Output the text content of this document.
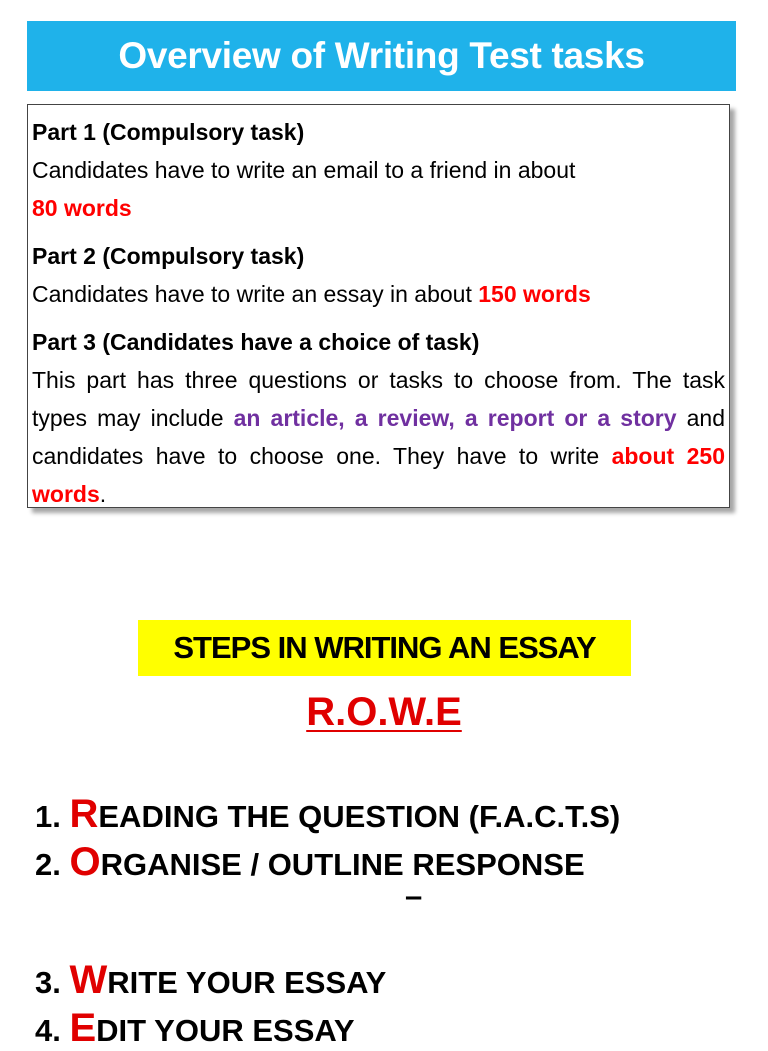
Overview of Writing Test tasks

Part 1 (Compulsory task)

Candidates have to write an email to a friend in about
80 words

Part 2 (Compulsory task)

Candidates have to write an essay in about 150 words

Part 3 (Candidates have a choice of task)

This part has three questions or tasks to choose from. The task types may include an article, a review, a report or a story and candidates have to choose one. They have to write about 250 words.

STEPS IN WRITING AN ESSAY
R.O.W.E
1. READING THE QUESTION (F.A.C.T.S)
2. ORGANISE / OUTLINE RESPONSE
–
3. WRITE YOUR ESSAY
4. EDIT YOUR ESSAY
